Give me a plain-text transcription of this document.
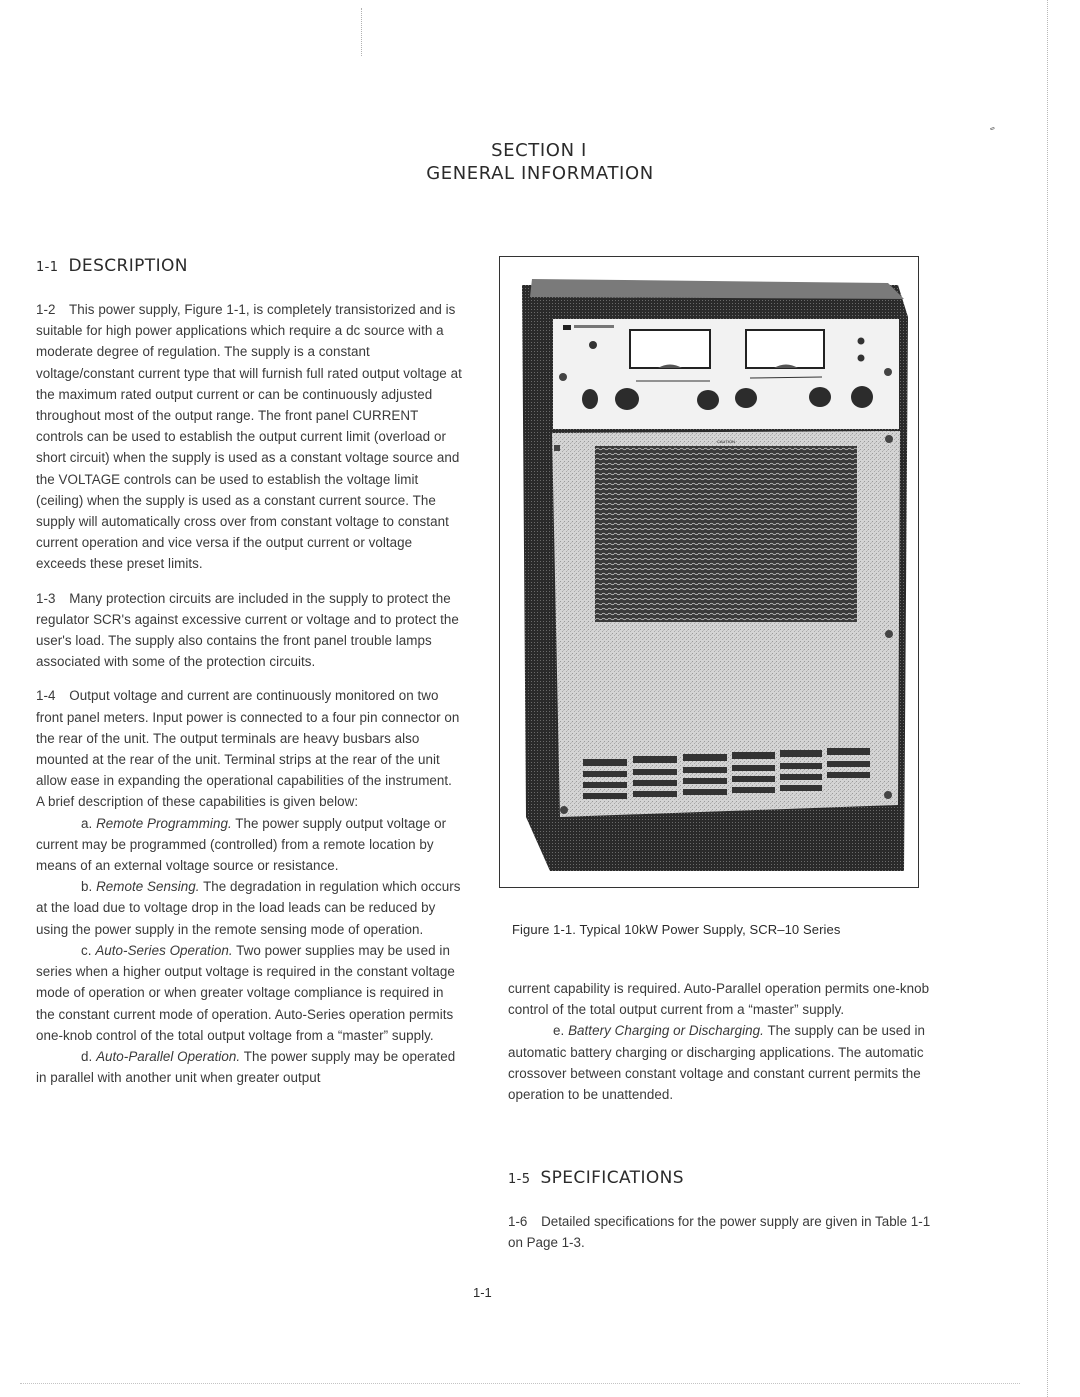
⁼
SECTION I
GENERAL INFORMATION
1-1 DESCRIPTION

1-2 This power supply, Figure 1-1, is completely transistorized and is suitable for high power applications which require a dc source with a moderate degree of regulation. The supply is a constant voltage/constant current type that will furnish full rated output voltage at the maximum rated output current or can be continuously adjusted throughout most of the output range. The front panel CURRENT controls can be used to establish the output current limit (overload or short circuit) when the supply is used as a constant voltage source and the VOLTAGE controls can be used to establish the voltage limit (ceiling) when the supply is used as a constant current source. The supply will automatically cross over from constant voltage to constant current operation and vice versa if the output current or voltage exceeds these preset limits.

1-3 Many protection circuits are included in the supply to protect the regulator SCR's against excessive current or voltage and to protect the user's load. The supply also contains the front panel trouble lamps associated with some of the protection circuits.

1-4 Output voltage and current are continuously monitored on two front panel meters. Input power is connected to a four pin connector on the rear of the unit. The output terminals are heavy busbars also mounted at the rear of the unit. Terminal strips at the rear of the unit allow ease in expanding the operational capabilities of the instrument. A brief description of these capabilities is given below:

a. Remote Programming. The power supply output voltage or current may be programmed (controlled) from a remote location by means of an external voltage source or resistance.

b. Remote Sensing. The degradation in regulation which occurs at the load due to voltage drop in the load leads can be reduced by using the power supply in the remote sensing mode of operation.

c. Auto-Series Operation. Two power supplies may be used in series when a higher output voltage is required in the constant voltage mode of operation or when greater voltage compliance is required in the constant current mode of operation. Auto-Series operation permits one-knob control of the total output voltage from a “master” supply.

d. Auto-Parallel Operation. The power supply may be operated in parallel with another unit when greater output

CAUTION
Figure 1-1. Typical 10kW Power Supply, SCR–10 Series

current capability is required. Auto-Parallel operation permits one-knob control of the total output current from a “master” supply.

e. Battery Charging or Discharging. The supply can be used in automatic battery charging or discharging applications. The automatic crossover between constant voltage and constant current permits the operation to be unattended.

1-5 SPECIFICATIONS
1-6 Detailed specifications for the power supply are given in Table 1-1 on Page 1-3.
1-1
